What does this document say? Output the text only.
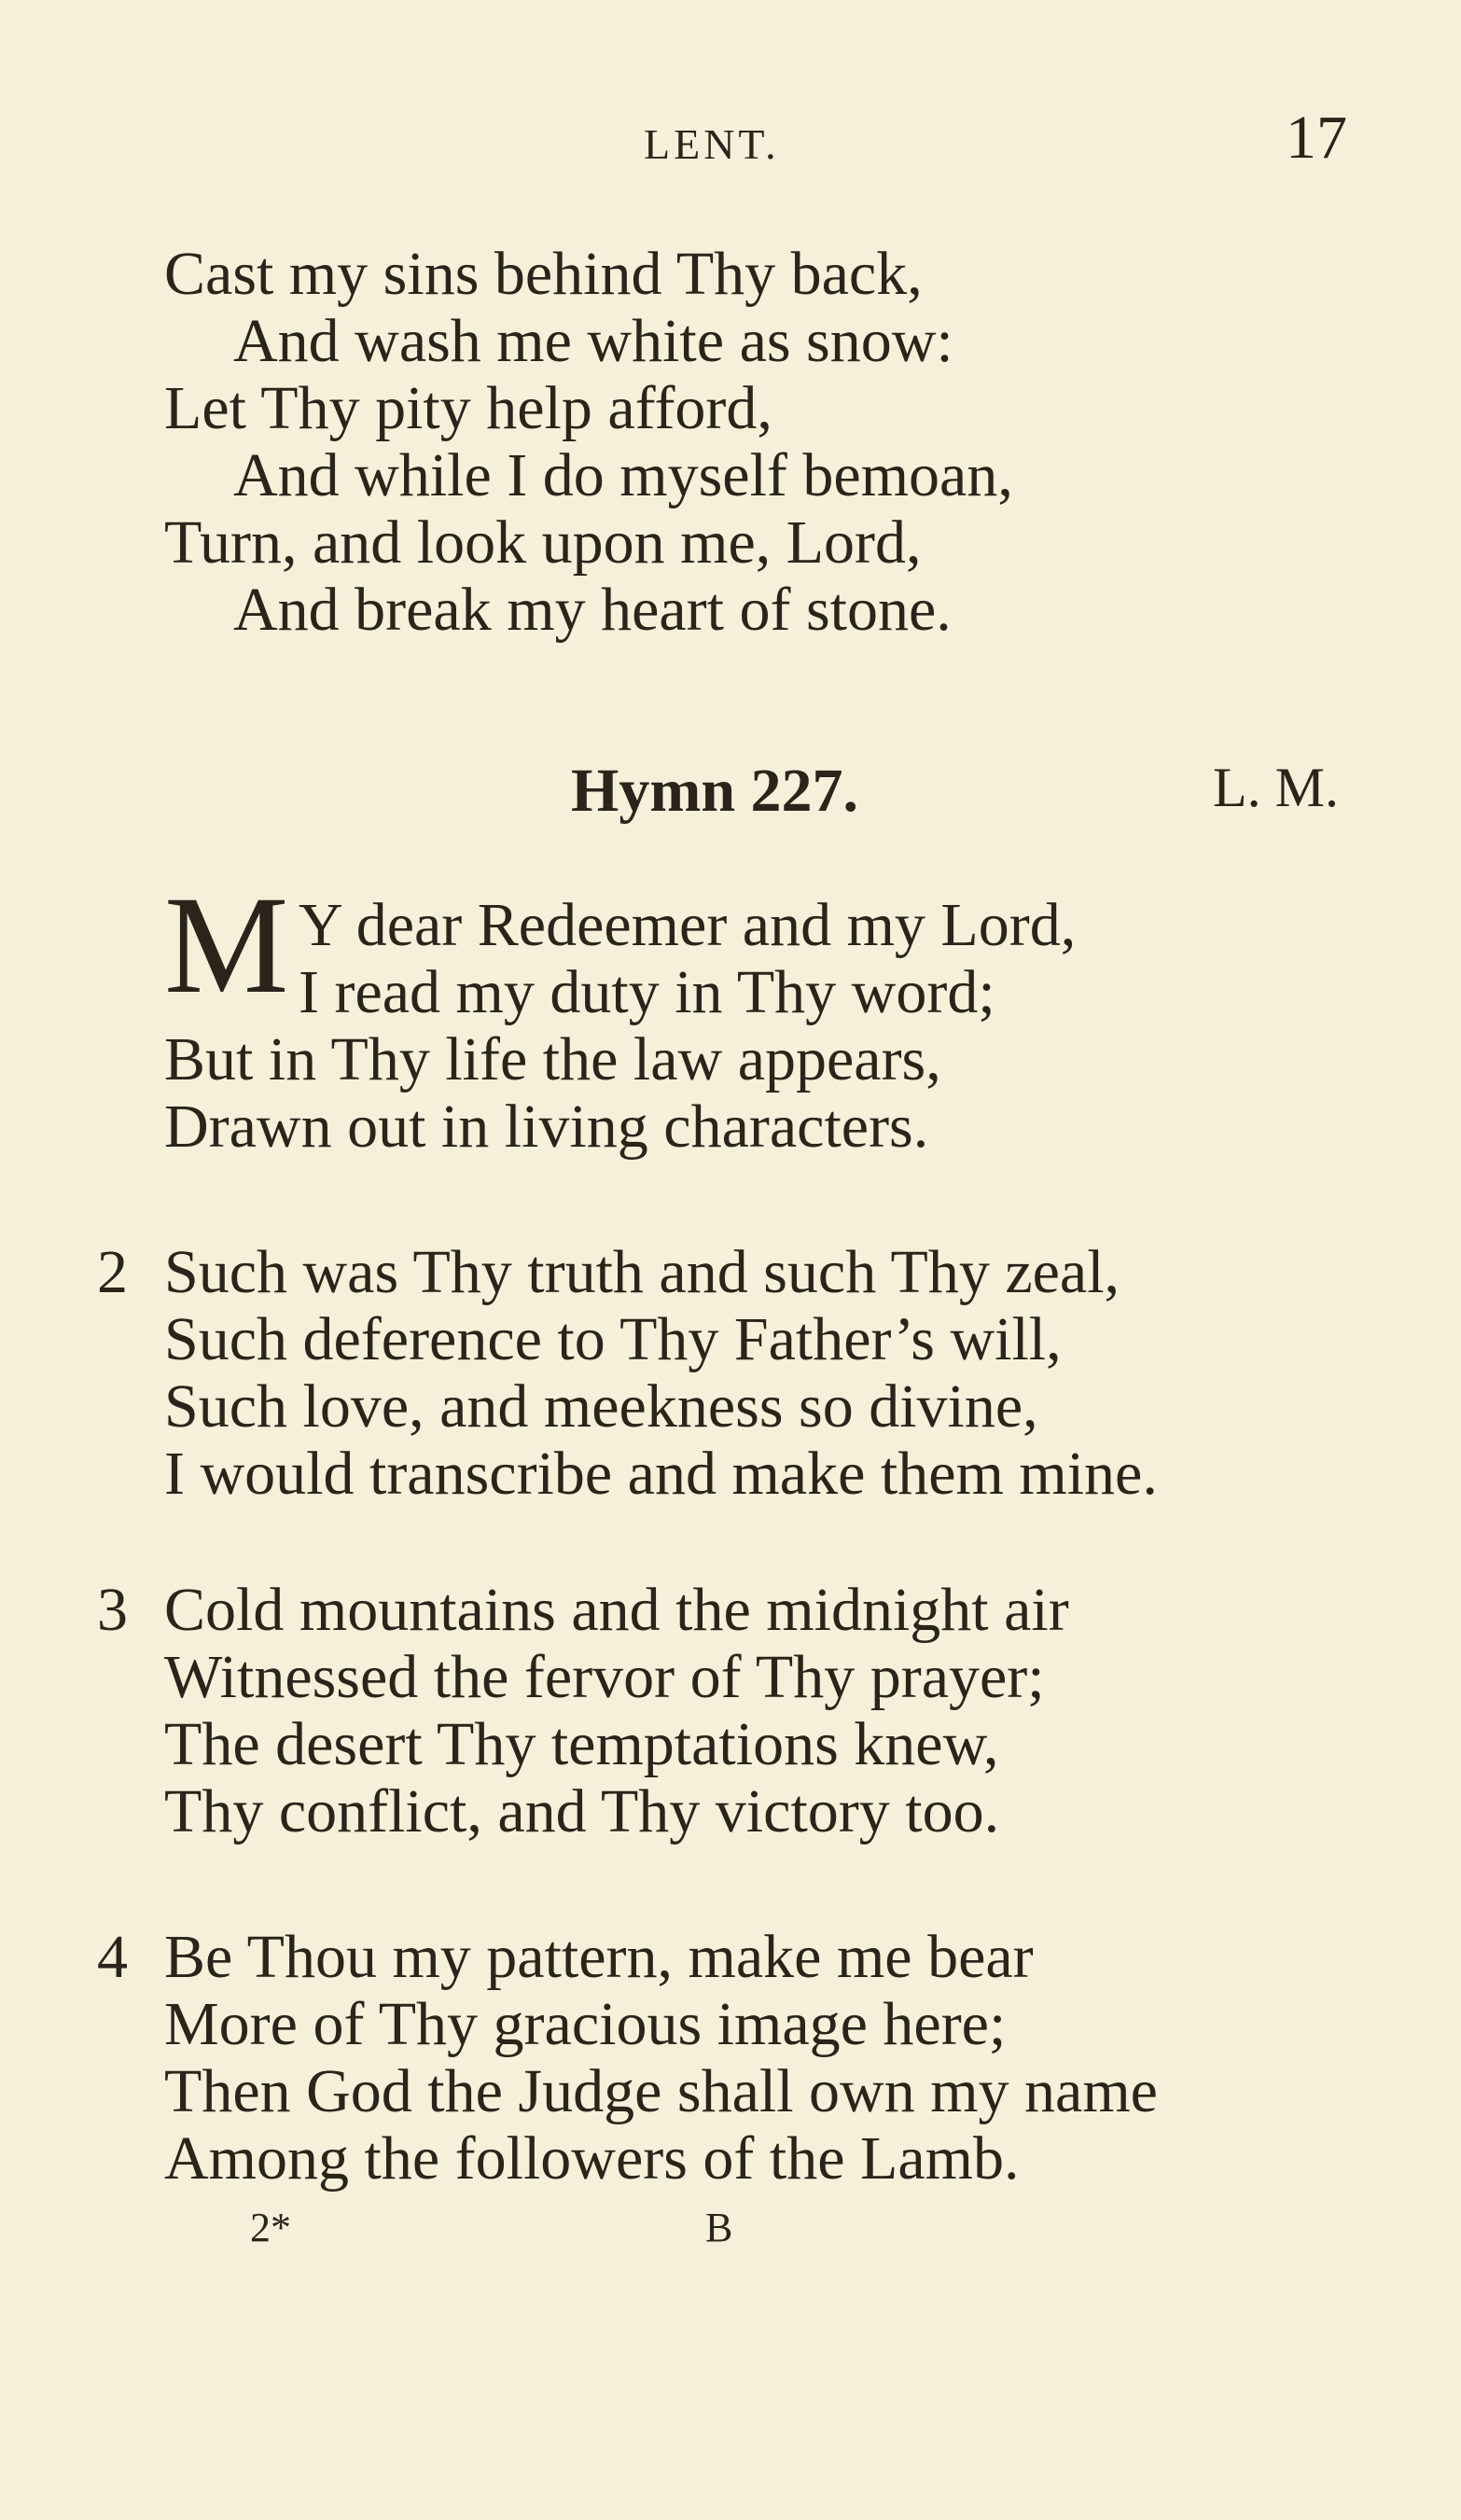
LENT.	17
Cast my sins behind Thy back,
And wash me white as snow:
Let Thy pity help afford,
And while I do myself bemoan,
Turn, and look upon me, Lord,
And break my heart of stone.
Hymn 227.	L. M.
M Y dear Redeemer and my Lord,
I read my duty in Thy word;
But in Thy life the law appears,
Drawn out in living characters.
2 Such was Thy truth and such Thy zeal,
Such deference to Thy Father’s will,
Such love, and meekness so divine,
I would transcribe and make them mine.
3 Cold mountains and the midnight air
Witnessed the fervor of Thy prayer;
The desert Thy temptations knew,
Thy conflict, and Thy victory too.
4 Be Thou my pattern, make me bear
More of Thy gracious image here;
Then God the Judge shall own my name
Among the followers of the Lamb.
2*	B
